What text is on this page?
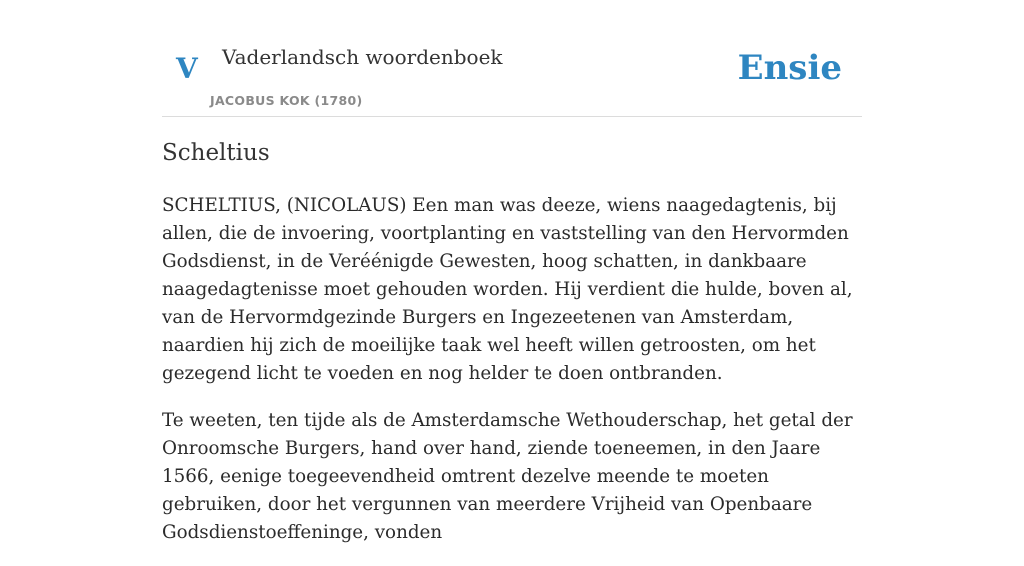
V Vaderlandsch woordenboek
JACOBUS KOK (1780)
Ensie
Scheltius

SCHELTIUS, (NICOLAUS) Een man was deeze, wiens naagedagtenis, bij allen, die de invoering, voortplanting en vaststelling van den Hervormden Godsdienst, in de Veréénigde Gewesten, hoog schatten, in dankbaare naagedagtenisse moet gehouden worden. Hij verdient die hulde, boven al, van de Hervormdgezinde Burgers en Ingezeetenen van Amsterdam, naardien hij zich de moeilijke taak wel heeft willen getroosten, om het gezegend licht te voeden en nog helder te doen ontbranden.

Te weeten, ten tijde als de Amsterdamsche Wethouderschap, het getal der Onroomsche Burgers, hand over hand, ziende toeneemen, in den Jaare 1566, eenige toegeevendheid omtrent dezelve meende te moeten gebruiken, door het vergunnen van meerdere Vrijheid van Openbaare Godsdienstoeffeninge, vonden
